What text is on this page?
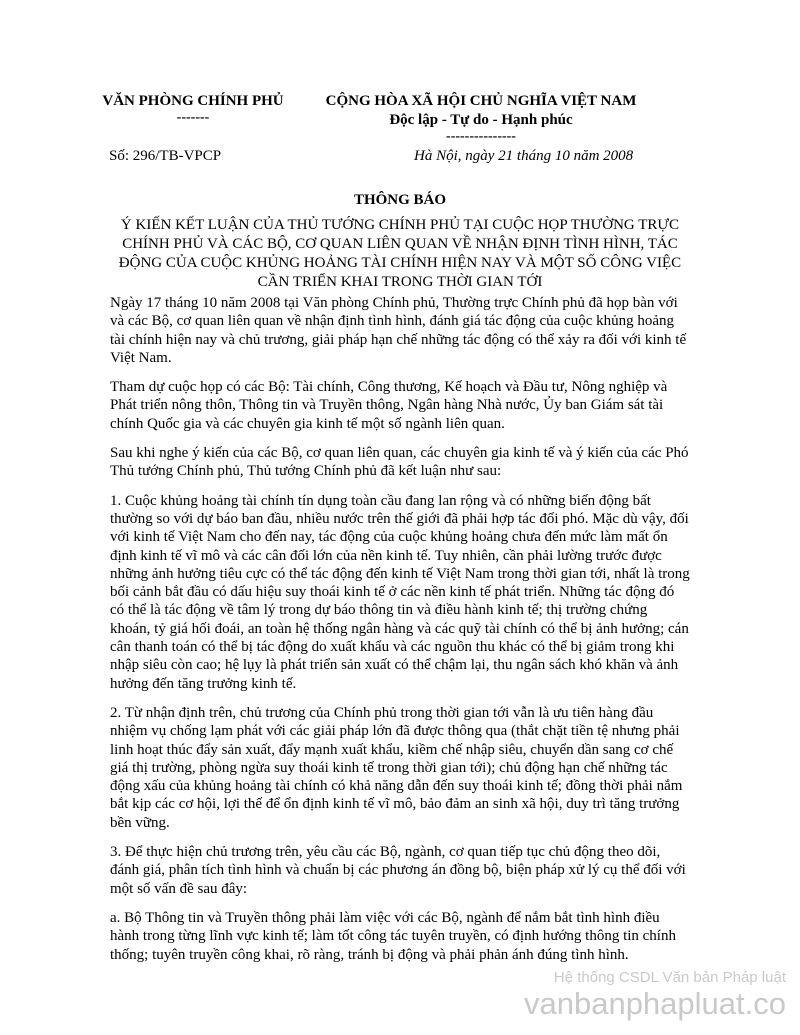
VĂN PHÒNG CHÍNH PHỦ
-------
CỘNG HÒA XÃ HỘI CHỦ NGHĨA VIỆT NAM
Độc lập - Tự do - Hạnh phúc
---------------
Số: 296/TB-VPCP	Hà Nội, ngày 21 tháng 10 năm 2008
THÔNG BÁO
Ý KIẾN KẾT LUẬN CỦA THỦ TƯỚNG CHÍNH PHỦ TẠI CUỘC HỌP THƯỜNG TRỰC CHÍNH PHỦ VÀ CÁC BỘ, CƠ QUAN LIÊN QUAN VỀ NHẬN ĐỊNH TÌNH HÌNH, TÁC ĐỘNG CỦA CUỘC KHỦNG HOẢNG TÀI CHÍNH HIỆN NAY VÀ MỘT SỐ CÔNG VIỆC CẦN TRIỂN KHAI TRONG THỜI GIAN TỚI

Ngày 17 tháng 10 năm 2008 tại Văn phòng Chính phủ, Thường trực Chính phủ đã họp bàn với và các Bộ, cơ quan liên quan về nhận định tình hình, đánh giá tác động của cuộc khủng hoảng tài chính hiện nay và chủ trương, giải pháp hạn chế những tác động có thể xảy ra đối với kinh tế Việt Nam.

Tham dự cuộc họp có các Bộ: Tài chính, Công thương, Kế hoạch và Đầu tư, Nông nghiệp và Phát triển nông thôn, Thông tin và Truyền thông, Ngân hàng Nhà nước, Ủy ban Giám sát tài chính Quốc gia và các chuyên gia kinh tế một số ngành liên quan.

Sau khi nghe ý kiến của các Bộ, cơ quan liên quan, các chuyên gia kinh tế và ý kiến của các Phó Thủ tướng Chính phủ, Thủ tướng Chính phủ đã kết luận như sau:

1. Cuộc khủng hoảng tài chính tín dụng toàn cầu đang lan rộng và có những biến động bất thường so với dự báo ban đầu, nhiều nước trên thế giới đã phải hợp tác đối phó. Mặc dù vậy, đối với kinh tế Việt Nam cho đến nay, tác động của cuộc khủng hoảng chưa đến mức làm mất ổn định kinh tế vĩ mô và các cân đối lớn của nền kinh tế. Tuy nhiên, cần phải lường trước được những ảnh hưởng tiêu cực có thể tác động đến kinh tế Việt Nam trong thời gian tới, nhất là trong bối cảnh bắt đầu có dấu hiệu suy thoái kinh tế ở các nền kinh tế phát triển. Những tác động đó có thể là tác động về tâm lý trong dự báo thông tin và điều hành kinh tế; thị trường chứng khoán, tỷ giá hối đoái, an toàn hệ thống ngân hàng và các quỹ tài chính có thể bị ảnh hưởng; cán cân thanh toán có thể bị tác động do xuất khẩu và các nguồn thu khác có thể bị giảm trong khi nhập siêu còn cao; hệ lụy là phát triển sản xuất có thể chậm lại, thu ngân sách khó khăn và ảnh hưởng đến tăng trưởng kinh tế.

2. Từ nhận định trên, chủ trương của Chính phủ trong thời gian tới vẫn là ưu tiên hàng đầu nhiệm vụ chống lạm phát với các giải pháp lớn đã được thông qua (thắt chặt tiền tệ nhưng phải linh hoạt thúc đẩy sản xuất, đẩy mạnh xuất khẩu, kiềm chế nhập siêu, chuyển dần sang cơ chế giá thị trường, phòng ngừa suy thoái kinh tế trong thời gian tới); chủ động hạn chế những tác động xấu của khủng hoảng tài chính có khả năng dẫn đến suy thoái kinh tế; đồng thời phải nắm bắt kịp các cơ hội, lợi thế để ổn định kinh tế vĩ mô, bảo đảm an sinh xã hội, duy trì tăng trưởng bền vững.

3. Để thực hiện chủ trương trên, yêu cầu các Bộ, ngành, cơ quan tiếp tục chủ động theo dõi, đánh giá, phân tích tình hình và chuẩn bị các phương án đồng bộ, biện pháp xử lý cụ thể đối với một số vấn đề sau đây:

a. Bộ Thông tin và Truyền thông phải làm việc với các Bộ, ngành để nắm bắt tình hình điều hành trong từng lĩnh vực kinh tế; làm tốt công tác tuyên truyền, có định hướng thông tin chính thống; tuyên truyền công khai, rõ ràng, tránh bị động và phải phản ánh đúng tình hình.

Hệ thống CSDL Văn bản Pháp luật
vanbanphapluat.co
